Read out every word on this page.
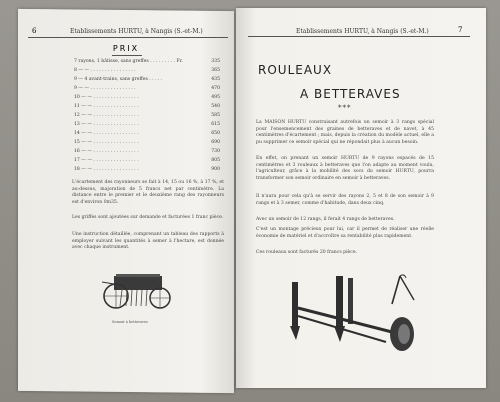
6	Etablissements HURTU, à Nangis (S.-et-M.)
PRIX
7 rayons, 1 bâtisse, sans greffes . . . . . . . . . Fr.	335
8 — — . . . . . . . . . . . . . . . .	365
9 — 4 avant-trains, sans greffes . . . . .	435
9 — — . . . . . . . . . . . . . . . .	470
10 — — . . . . . . . . . . . . . . . .	495
11 — — . . . . . . . . . . . . . . . .	540
12 — — . . . . . . . . . . . . . . . .	585
13 — — . . . . . . . . . . . . . . . .	615
14 — — . . . . . . . . . . . . . . . .	650
15 — — . . . . . . . . . . . . . . . .	690
16 — — . . . . . . . . . . . . . . . .	730
17 — — . . . . . . . . . . . . . . . .	805
18 — — . . . . . . . . . . . . . . . .	900
L'écartement des rayonneurs se fait à 14, 15 ou 16 %, à 17 %, et au-dessus, majoration de 5 francs net par centimètre. La distance entre le premier et le deuxième rang des rayonneurs est d'environ 0m35.
Les griffes sont ajoutées sur demande et facturées 1 franc pièce.
Une instruction détaillée, comprenant un tableau des rapports à employer suivant les quantités à semer à l'hectare, est donnée avec chaque instrument.
Semoir à betteraves
Etablissements HURTU, à Nangis (S.-et-M.)	7
ROULEAUX
A BETTERAVES
***
La MAISON HURTU construisant autrefois un semoir à 3 rangs spécial pour l'ensemencement des graines de betteraves et de navet, à 45 centimètres d'écartement ; mais, depuis la création du modèle actuel, elle a pu supprimer ce semoir spécial qui ne répondait plus à aucun besoin.
En effet, on prenant un semoir HURTU de 9 rayons espacés de 15 centimètres et 3 rouleaux à betteraves que l'on adapte au moment voulu, l'agriculteur, grâce à la mobilité des socs du semoir HURTU, pourra transformer son semoir ordinaire en semoir à betteraves.
Il n'aura pour cela qu'à se servir des rayons 2, 5 et 8 de son semoir à 9 rangs et à 3 semer, comme d'habitude, dans deux cinq.
Avec un semoir de 12 rangs, il ferait 4 rangs de betteraves.
C'est un montage précieux pour lui, car il permet de réaliser une réelle économie de matériel et d'accroître sa rentabilité plus rapidement.
Ces rouleaux sont facturés 20 francs pièce.
